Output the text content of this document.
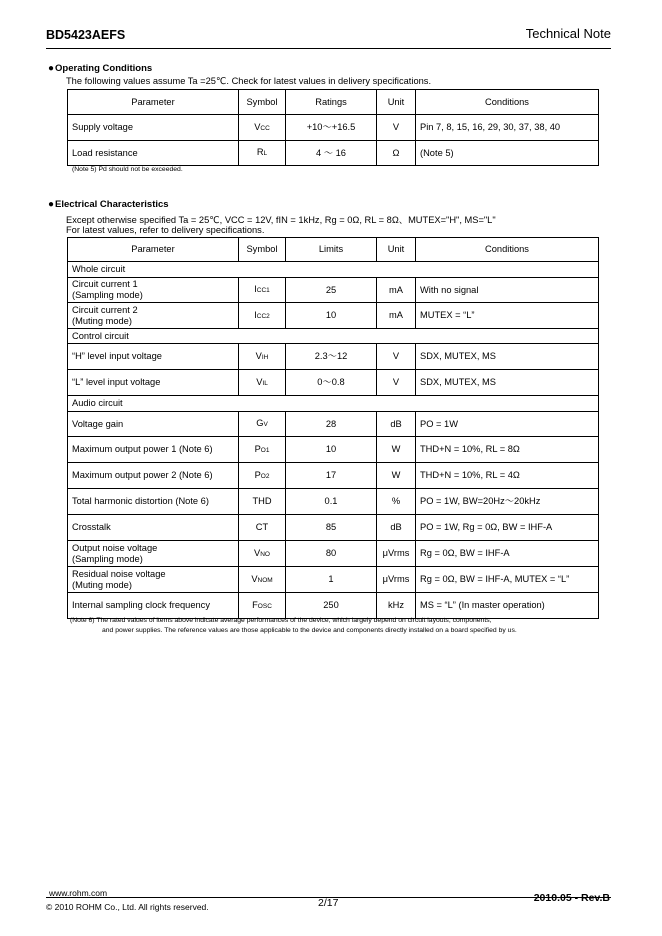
BD5423AEFS	Technical Note
●Operating Conditions
The following values assume Ta =25℃. Check for latest values in delivery specifications.
Parameter	Symbol	Ratings	Unit	Conditions
Supply voltage	VCC	+10～+16.5	V	Pin 7, 8, 15, 16, 29, 30, 37, 38, 40
Load resistance	RL	4 ～ 16	Ω	(Note 5)
(Note 5) Pd should not be exceeded.
●Electrical Characteristics
Except otherwise specified Ta = 25℃, VCC = 12V, fIN = 1kHz, Rg = 0Ω, RL = 8Ω、MUTEX="H", MS="L"
For latest values, refer to delivery specifications.
Parameter	Symbol	Limits	Unit	Conditions
Whole circuit				
Circuit current 1
(Sampling mode)	ICC1	25	mA	With no signal
Circuit current 2
(Muting mode)	ICC2	10	mA	MUTEX = “L”
Control circuit				
“H” level input voltage	VIH	2.3～12	V	SDX, MUTEX, MS
“L” level input voltage	VIL	0～0.8	V	SDX, MUTEX, MS
Audio circuit				
Voltage gain	GV	28	dB	PO = 1W
Maximum output power 1 (Note 6)	PO1	10	W	THD+N = 10%, RL = 8Ω
Maximum output power 2 (Note 6)	PO2	17	W	THD+N = 10%, RL = 4Ω
Total harmonic distortion (Note 6)	THD	0.1	%	PO = 1W, BW=20Hz～20kHz
Crosstalk	CT	85	dB	PO = 1W, Rg = 0Ω, BW = IHF-A
Output noise voltage
(Sampling mode)	VNO	80	μVrms	Rg = 0Ω, BW = IHF-A
Residual noise voltage
(Muting mode)	VNOM	1	μVrms	Rg = 0Ω, BW = IHF-A, MUTEX = “L”
Internal sampling clock frequency	FOSC	250	kHz	MS = “L” (In master operation)
(Note 6) The rated values of items above indicate average performances of the device, which largely depend on circuit layouts, components,
and power supplies. The reference values are those applicable to the device and components directly installed on a board specified by us.
www.rohm.com
© 2010 ROHM Co., Ltd. All rights reserved.	2/17	2010.05 - Rev.B
